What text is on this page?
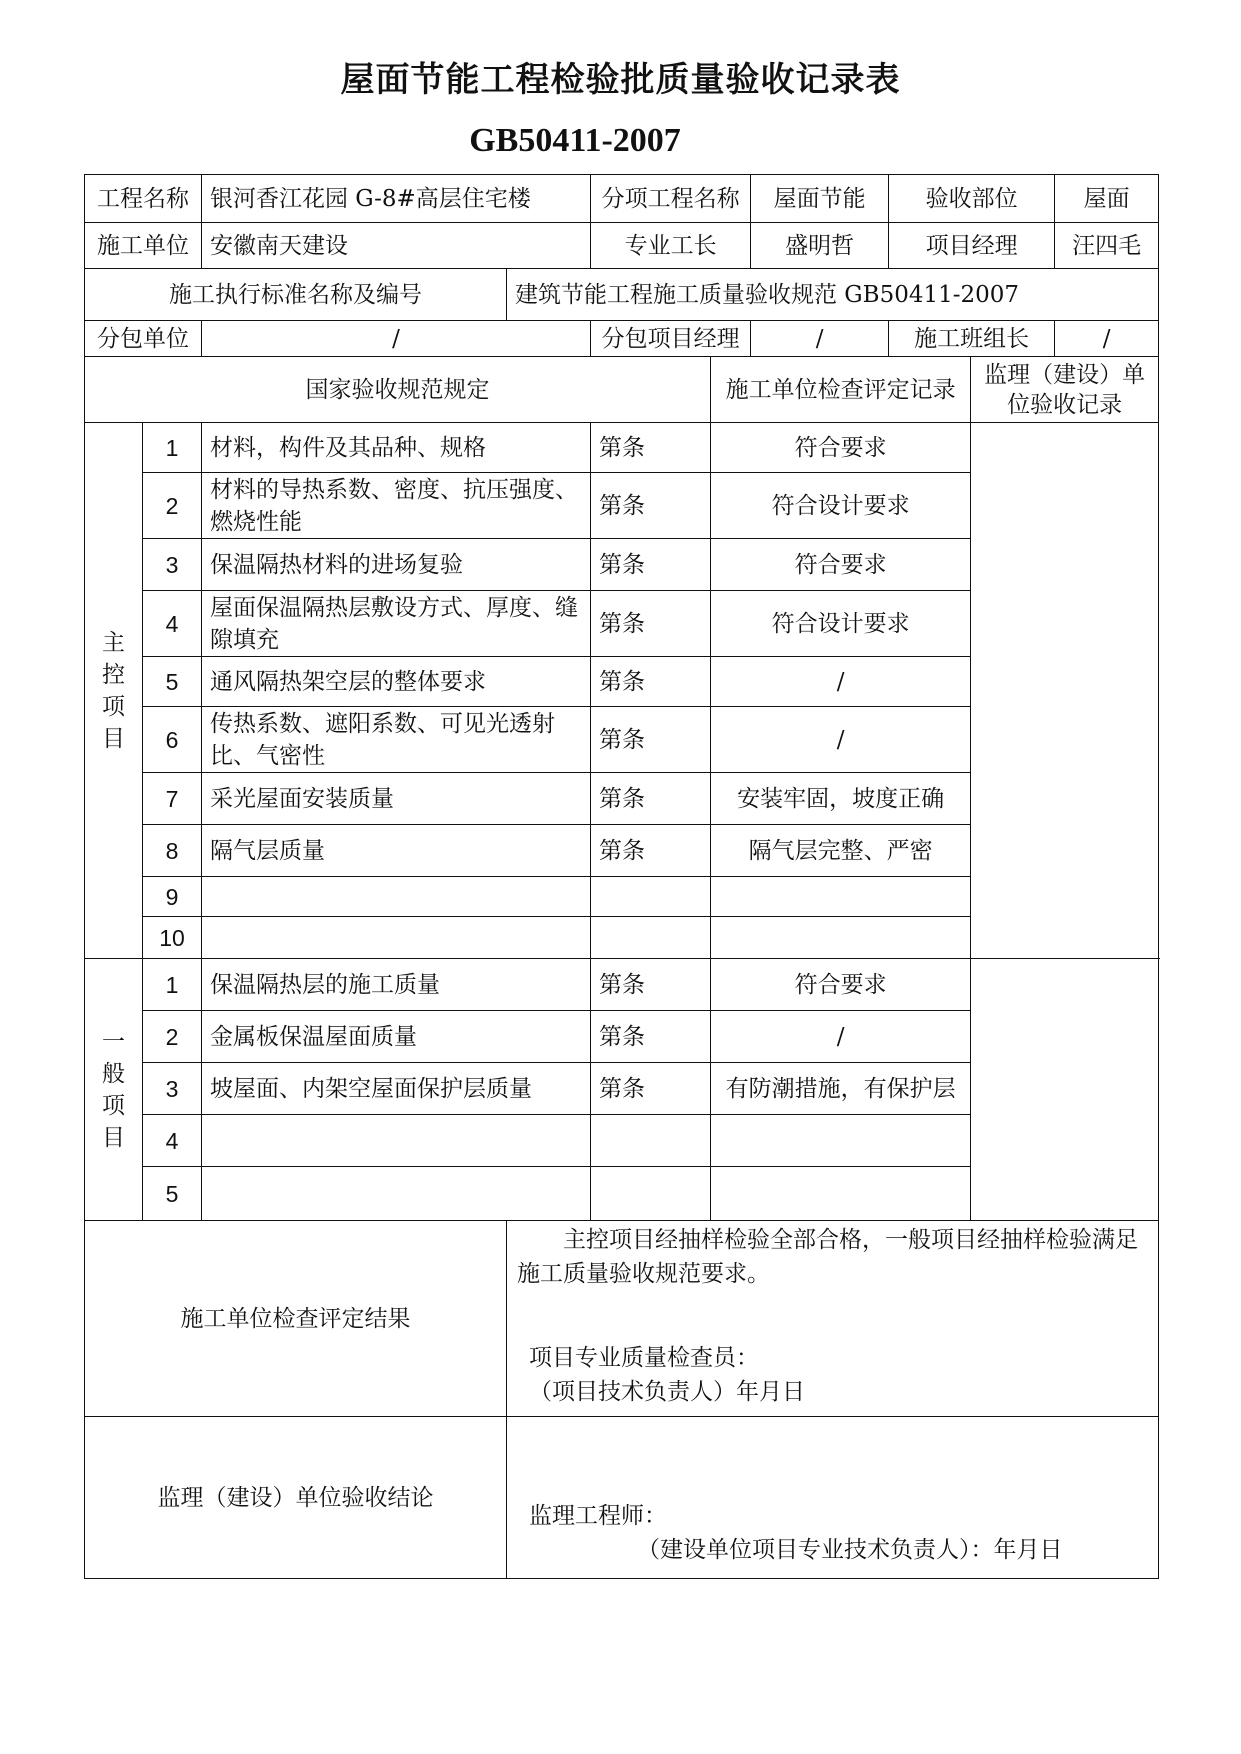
屋面节能工程检验批质量验收记录表
GB50411-2007
工程名称		银河香江花园 G-8#高层住宅楼		分项工程名称		屋面节能	验收部位		屋面
施工单位		安徽南天建设		专业工长		盛明哲	项目经理		汪四毛
施工执行标准名称及编号			建筑节能工程施工质量验收规范 GB50411-2007						
分包单位		/		分包项目经理		/	施工班组长		/
国家验收规范规定					施工单位检查评定记录			监理（建设）单位验收记录	

主控项目	1	材料，构件及其品种、规格		第条	符合要求				
	2	材料的导热系数、密度、抗压强度、燃烧性能		第条	符合设计要求				
	3	保温隔热材料的进场复验		第条	符合要求				
	4	屋面保温隔热层敷设方式、厚度、缝隙填充		第条	符合设计要求				
	5	通风隔热架空层的整体要求		第条	/				
	6	传热系数、遮阳系数、可见光透射比、气密性		第条	/				
	7	采光屋面安装质量		第条	安装牢固，坡度正确				
	8	隔气层质量		第条	隔气层完整、严密				
	9								
	10								

一般项目	1	保温隔热层的施工质量		第条	符合要求				
	2	金属板保温屋面质量		第条	/				
	3	坡屋面、内架空屋面保护层质量		第条	有防潮措施，有保护层				
	4								
	5								
施工单位检查评定结果			主控项目经抽样检验全部合格，一般项目经抽样检验满足施工质量验收规范要求。
项目专业质量检查员：
（项目技术负责人）年月日						

监理（建设）单位验收结论			监理工程师：
（建设单位项目专业技术负责人）：年月日						
